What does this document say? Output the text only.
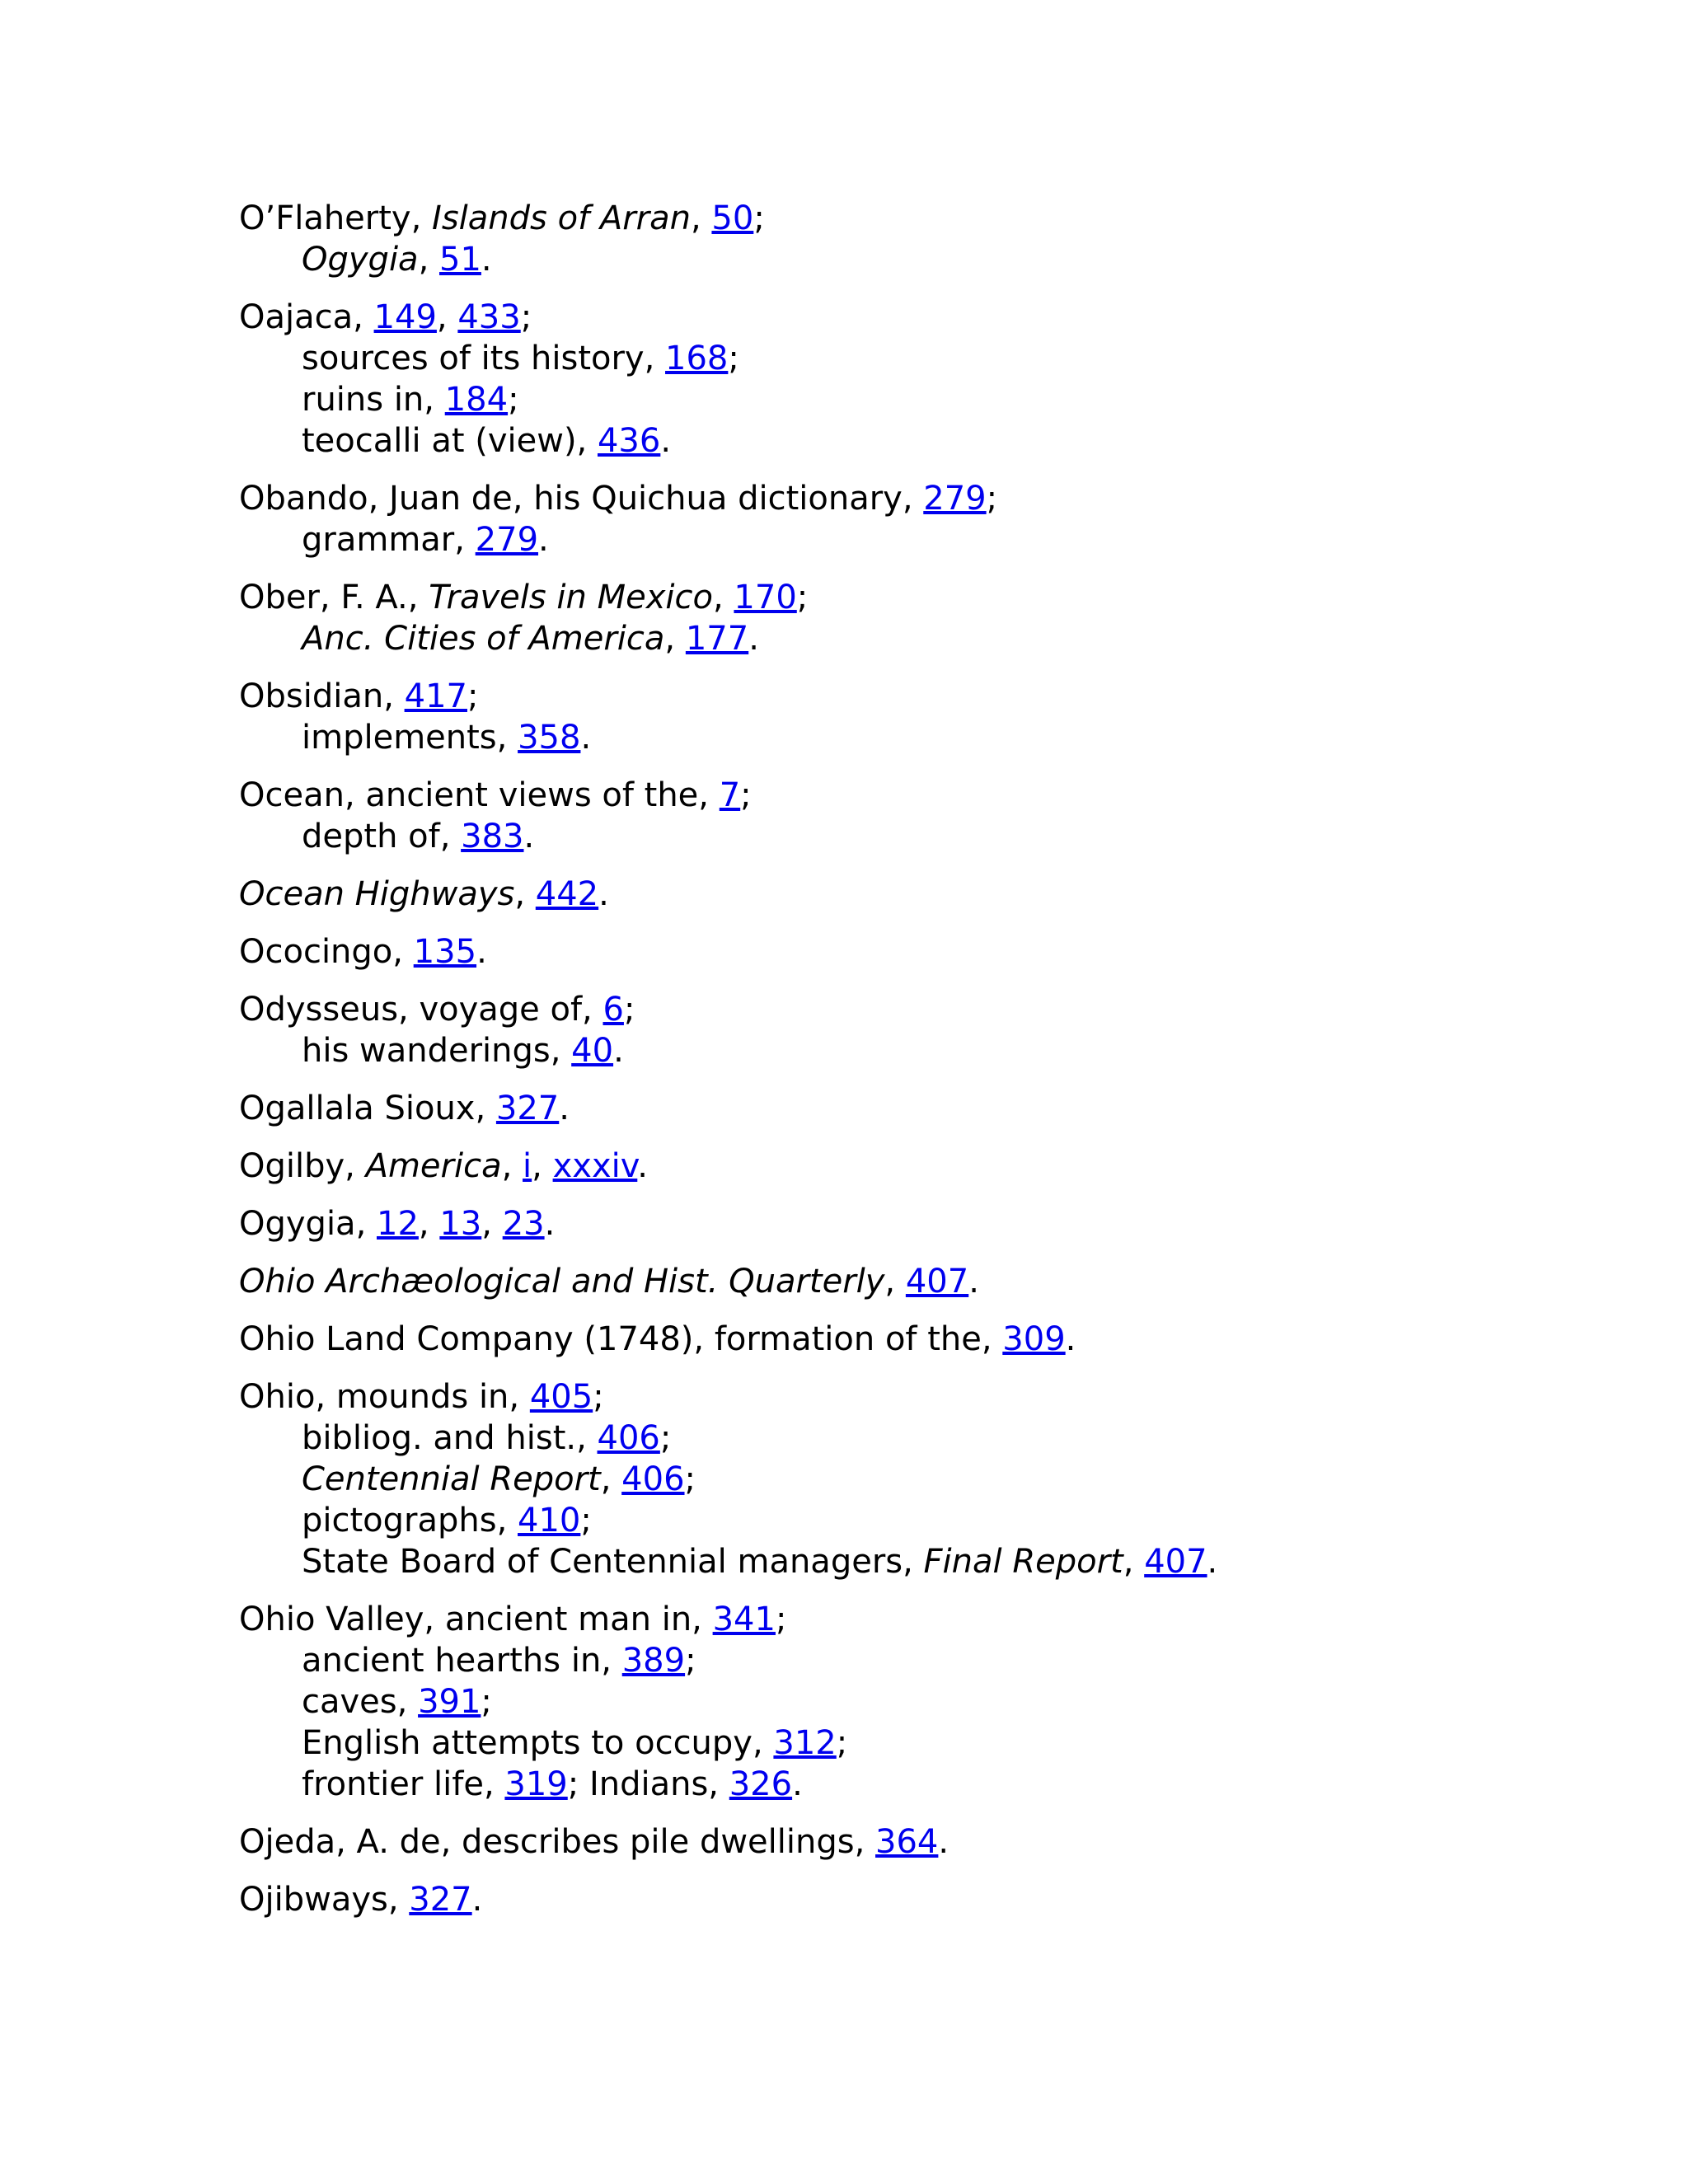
O’Flaherty, Islands of Arran, 50;
Ogygia, 51.
Oajaca, 149, 433;
sources of its history, 168;
ruins in, 184;
teocalli at (view), 436.
Obando, Juan de, his Quichua dictionary, 279;
grammar, 279.
Ober, F. A., Travels in Mexico, 170;
Anc. Cities of America, 177.
Obsidian, 417;
implements, 358.
Ocean, ancient views of the, 7;
depth of, 383.
Ocean Highways, 442.
Ococingo, 135.
Odysseus, voyage of, 6;
his wanderings, 40.
Ogallala Sioux, 327.
Ogilby, America, i, xxxiv.
Ogygia, 12, 13, 23.
Ohio Archæological and Hist. Quarterly, 407.
Ohio Land Company (1748), formation of the, 309.
Ohio, mounds in, 405;
bibliog. and hist., 406;
Centennial Report, 406;
pictographs, 410;
State Board of Centennial managers, Final Report, 407.
Ohio Valley, ancient man in, 341;
ancient hearths in, 389;
caves, 391;
English attempts to occupy, 312;
frontier life, 319; Indians, 326.
Ojeda, A. de, describes pile dwellings, 364.
Ojibways, 327.
